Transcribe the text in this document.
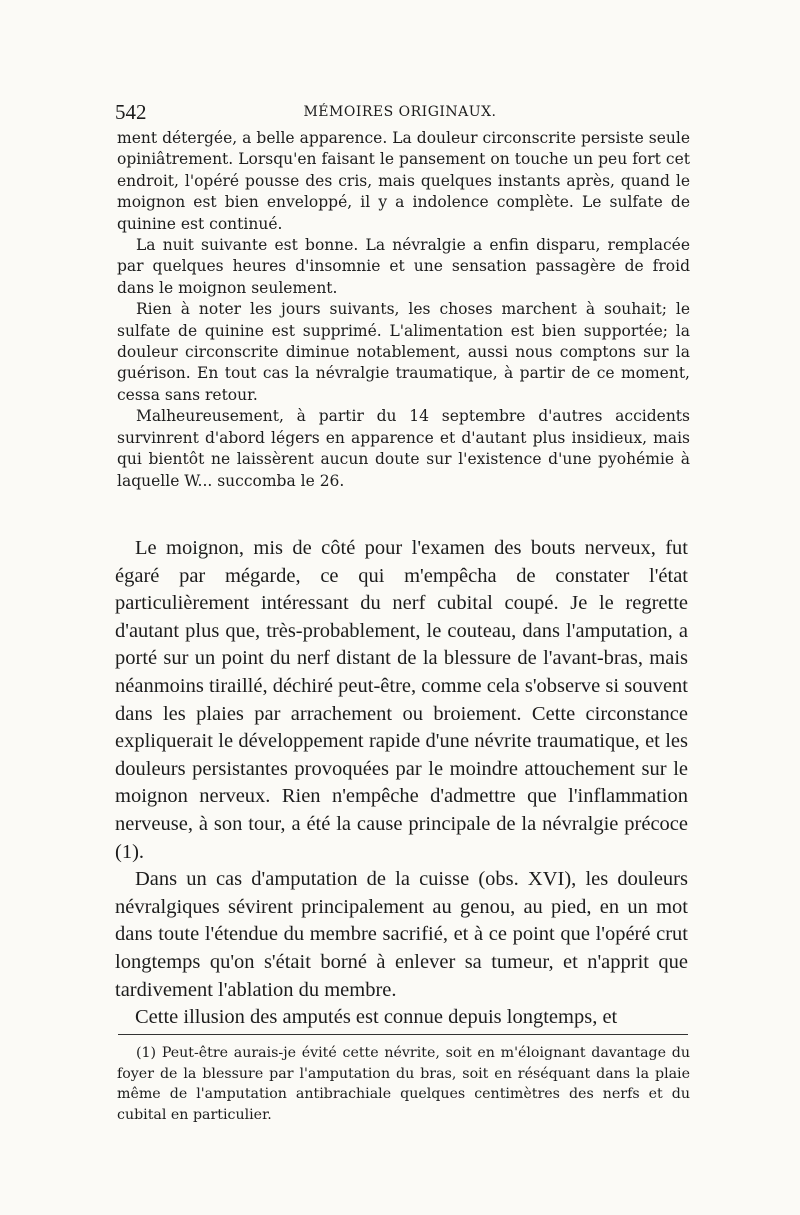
542	MÉMOIRES ORIGINAUX.

ment détergée, a belle apparence. La douleur circonscrite persiste seule opiniâtrement. Lorsqu'en faisant le pansement on touche un peu fort cet endroit, l'opéré pousse des cris, mais quelques instants après, quand le moignon est bien enveloppé, il y a indolence complète. Le sulfate de quinine est continué.

La nuit suivante est bonne. La névralgie a enfin disparu, remplacée par quelques heures d'insomnie et une sensation passagère de froid dans le moignon seulement.

Rien à noter les jours suivants, les choses marchent à souhait; le sulfate de quinine est supprimé. L'alimentation est bien supportée; la douleur circonscrite diminue notablement, aussi nous comptons sur la guérison. En tout cas la névralgie traumatique, à partir de ce moment, cessa sans retour.

Malheureusement, à partir du 14 septembre d'autres accidents survinrent d'abord légers en apparence et d'autant plus insidieux, mais qui bientôt ne laissèrent aucun doute sur l'existence d'une pyohémie à laquelle W... succomba le 26.

Le moignon, mis de côté pour l'examen des bouts nerveux, fut égaré par mégarde, ce qui m'empêcha de constater l'état particulièrement intéressant du nerf cubital coupé. Je le regrette d'autant plus que, très-probablement, le couteau, dans l'amputation, a porté sur un point du nerf distant de la blessure de l'avant-bras, mais néanmoins tiraillé, déchiré peut-être, comme cela s'observe si souvent dans les plaies par arrachement ou broiement. Cette circonstance expliquerait le développement rapide d'une névrite traumatique, et les douleurs persistantes provoquées par le moindre attouchement sur le moignon nerveux. Rien n'empêche d'admettre que l'inflammation nerveuse, à son tour, a été la cause principale de la névralgie précoce (1).

Dans un cas d'amputation de la cuisse (obs. XVI), les douleurs névralgiques sévirent principalement au genou, au pied, en un mot dans toute l'étendue du membre sacrifié, et à ce point que l'opéré crut longtemps qu'on s'était borné à enlever sa tumeur, et n'apprit que tardivement l'ablation du membre.

Cette illusion des amputés est connue depuis longtemps, et

(1) Peut-être aurais-je évité cette névrite, soit en m'éloignant davantage du foyer de la blessure par l'amputation du bras, soit en réséquant dans la plaie même de l'amputation antibrachiale quelques centimètres des nerfs et du cubital en particulier.
